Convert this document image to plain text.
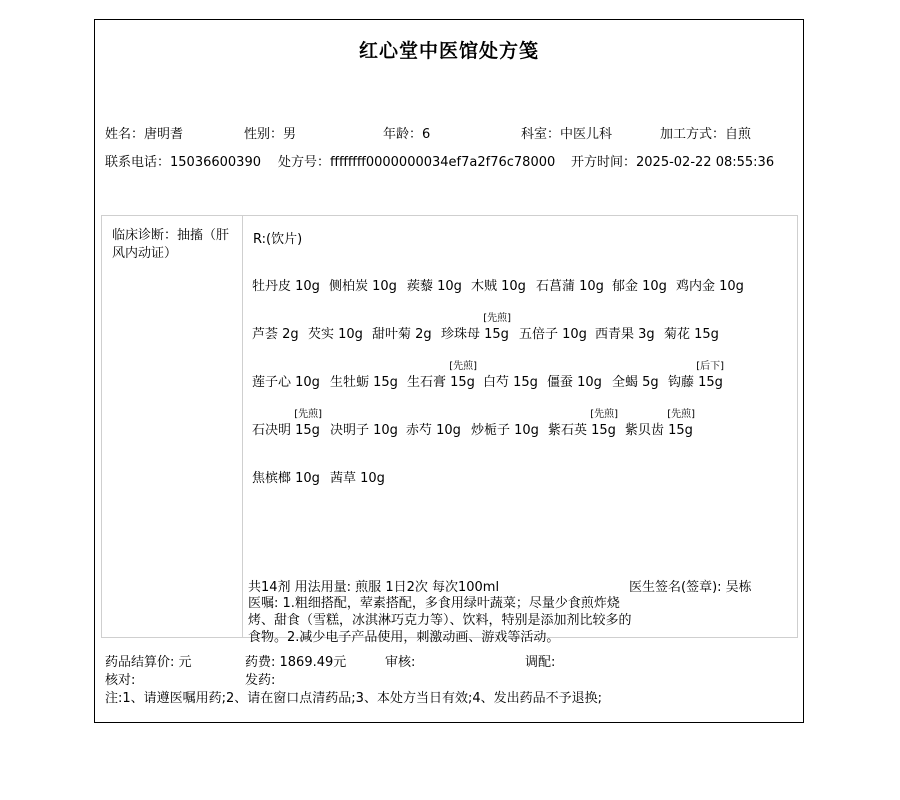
红心堂中医馆处方笺
姓名：唐明耆	性别：男	年龄：6	科室：中医儿科	加工方式：自煎
联系电话：15036600390 处方号：ffffffff0000000034ef7a2f76c78000 开方时间：2025-02-22 08:55:36
临床诊断：抽搐（肝风内动证）
R:(饮片)
牡丹皮 10g 侧柏炭 10g 蒺藜 10g 木贼 10g 石菖蒲 10g 郁金 10g 鸡内金 10g
芦荟 2g 芡实 10g 甜叶菊 2g
[先煎]
珍珠母 15g 五倍子 10g 西青果 3g 菊花 15g
莲子心 10g 生牡蛎 15g
[先煎]
生石膏 15g 白芍 15g 僵蚕 10g 全蝎 5g
[后下]
钩藤 15g
[先煎]
石决明 15g 决明子 10g 赤芍 10g 炒栀子 10g
[先煎]
紫石英 15g
[先煎]
紫贝齿 15g
焦槟榔 10g 茜草 10g
共14剂 用法用量: 煎服 1日2次 每次100ml	医生签名(签章): 吴栋
医嘱: 1.粗细搭配，荤素搭配，多食用绿叶蔬菜；尽量少食煎炸烧烤、甜食（雪糕，冰淇淋巧克力等）、饮料，特别是添加剂比较多的食物。2.减少电子产品使用，刺激动画、游戏等活动。
药品结算价: 元	药费: 1869.49元	审核:	调配:
核对:	发药:
注:1、请遵医嘱用药;2、请在窗口点清药品;3、本处方当日有效;4、发出药品不予退换;
